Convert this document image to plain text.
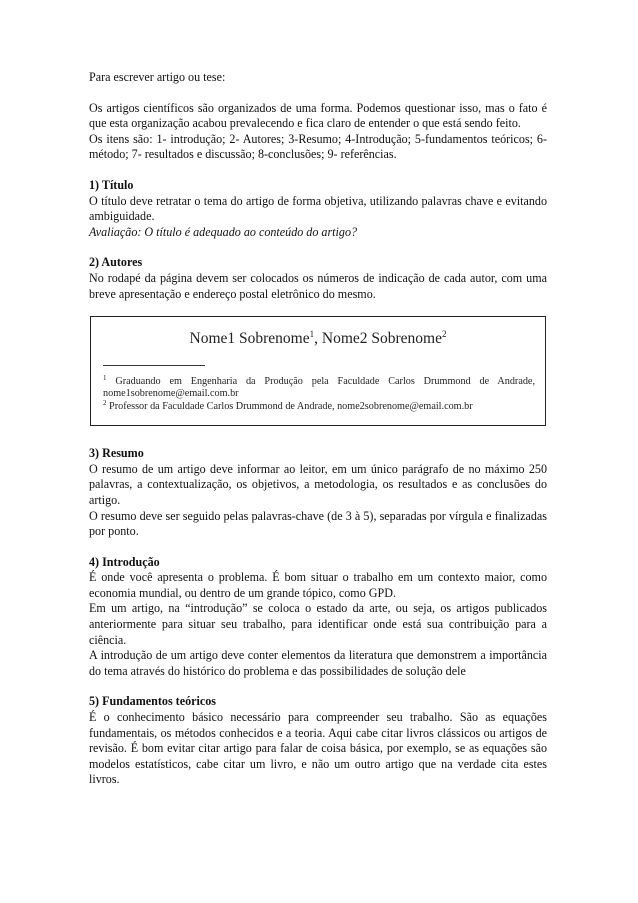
Para escrever artigo ou tese:

Os artigos científicos são organizados de uma forma. Podemos questionar isso, mas o fato é que esta organização acabou prevalecendo e fica claro de entender o que está sendo feito.

Os itens são: 1- introdução; 2- Autores; 3-Resumo; 4-Introdução; 5-fundamentos teóricos; 6- método; 7- resultados e discussão; 8-conclusões; 9- referências.

1) Título

O título deve retratar o tema do artigo de forma objetiva, utilizando palavras chave e evitando ambiguidade.

Avaliação: O título é adequado ao conteúdo do artigo?

2) Autores

No rodapé da página devem ser colocados os números de indicação de cada autor, com uma breve apresentação e endereço postal eletrônico do mesmo.

Nome1 Sobrenome$^1$, Nome2 Sobrenome$^2$
$^1$ Graduando em Engenharia da Produção pela Faculdade Carlos Drummond de Andrade, nome1sobrenome@email.com.br
$^2$ Professor da Faculdade Carlos Drummond de Andrade, nome2sobrenome@email.com.br

3) Resumo

O resumo de um artigo deve informar ao leitor, em um único parágrafo de no máximo 250 palavras, a contextualização, os objetivos, a metodologia, os resultados e as conclusões do artigo.

O resumo deve ser seguido pelas palavras-chave (de 3 à 5), separadas por vírgula e finalizadas por ponto.

4) Introdução

É onde você apresenta o problema. É bom situar o trabalho em um contexto maior, como economia mundial, ou dentro de um grande tópico, como GPD.

Em um artigo, na “introdução” se coloca o estado da arte, ou seja, os artigos publicados anteriormente para situar seu trabalho, para identificar onde está sua contribuição para a ciência.

A introdução de um artigo deve conter elementos da literatura que demonstrem a importância do tema através do histórico do problema e das possibilidades de solução dele

5) Fundamentos teóricos

É o conhecimento básico necessário para compreender seu trabalho. São as equações fundamentais, os métodos conhecidos e a teoria. Aqui cabe citar livros clássicos ou artigos de revisão. É bom evitar citar artigo para falar de coisa básica, por exemplo, se as equações são modelos estatísticos, cabe citar um livro, e não um outro artigo que na verdade cita estes livros.
